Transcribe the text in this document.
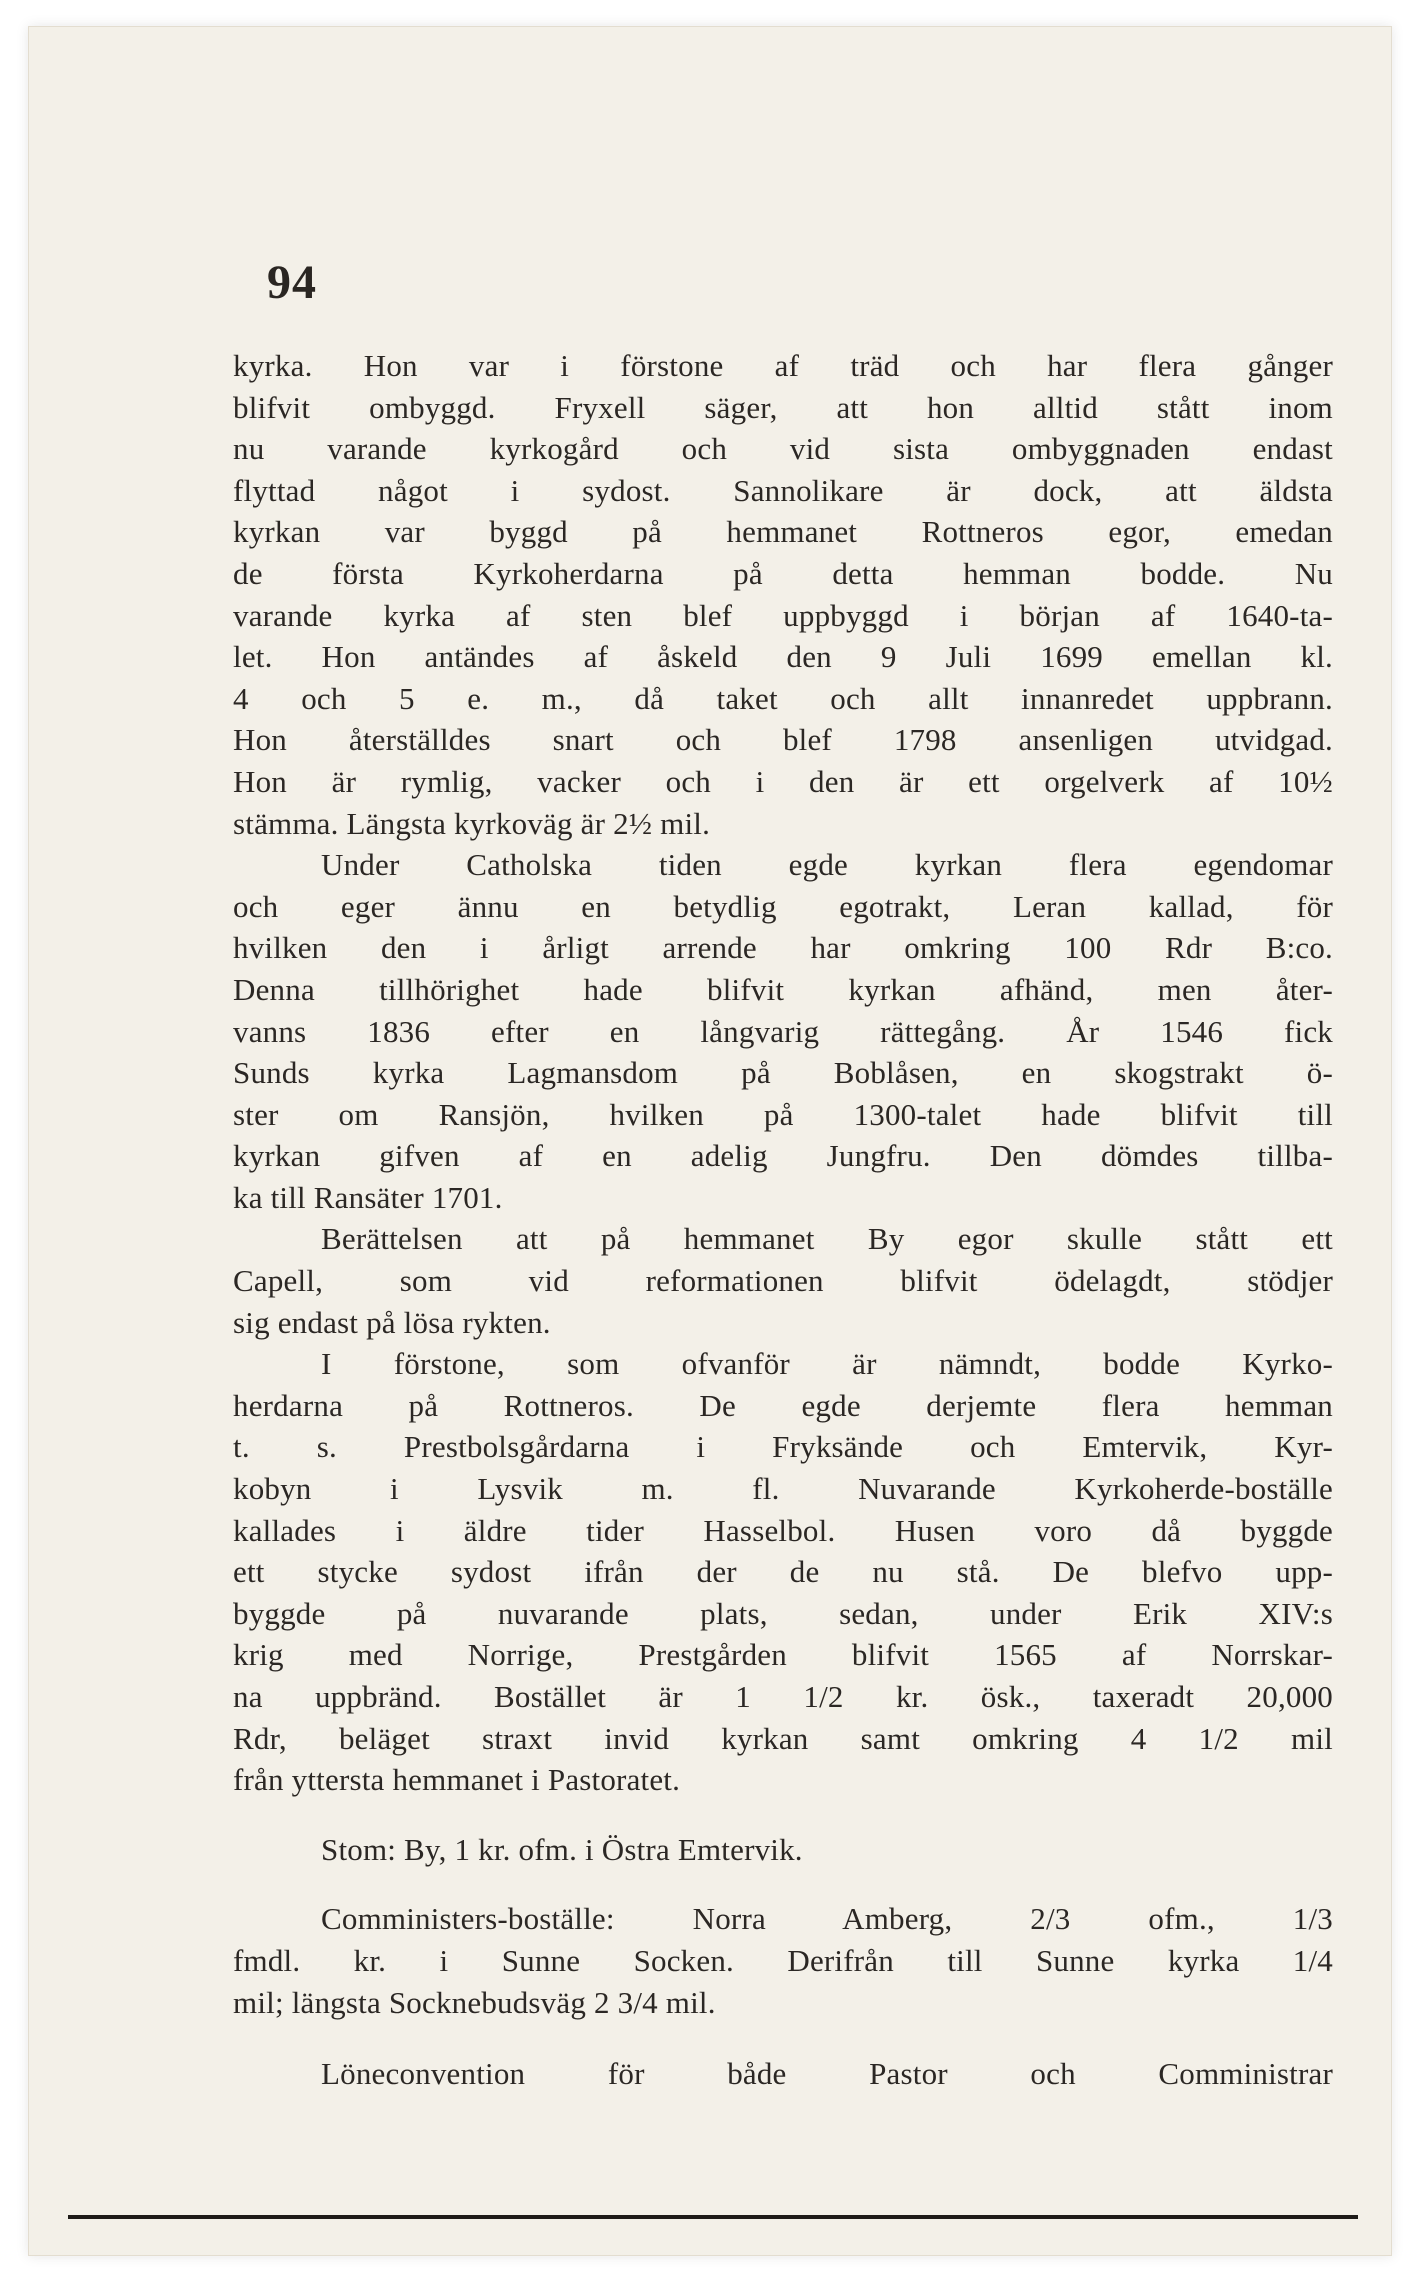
94
kyrka. Hon var i förstone af träd och har flera gånger
blifvit ombyggd. Fryxell säger, att hon alltid stått inom
nu varande kyrkogård och vid sista ombyggnaden endast
flyttad något i sydost. Sannolikare är dock, att äldsta
kyrkan var byggd på hemmanet Rottneros egor, emedan
de första Kyrkoherdarna på detta hemman bodde. Nu
varande kyrka af sten blef uppbyggd i början af 1640-ta-
let. Hon antändes af åskeld den 9 Juli 1699 emellan kl.
4 och 5 e. m., då taket och allt innanredet uppbrann.
Hon återställdes snart och blef 1798 ansenligen utvidgad.
Hon är rymlig, vacker och i den är ett orgelverk af 10½
stämma. Längsta kyrkoväg är 2½ mil.
Under Catholska tiden egde kyrkan flera egendomar
och eger ännu en betydlig egotrakt, Leran kallad, för
hvilken den i årligt arrende har omkring 100 Rdr B:co.
Denna tillhörighet hade blifvit kyrkan afhänd, men åter-
vanns 1836 efter en långvarig rättegång. År 1546 fick
Sunds kyrka Lagmansdom på Boblåsen, en skogstrakt ö-
ster om Ransjön, hvilken på 1300-talet hade blifvit till
kyrkan gifven af en adelig Jungfru. Den dömdes tillba-
ka till Ransäter 1701.
Berättelsen att på hemmanet By egor skulle stått ett
Capell, som vid reformationen blifvit ödelagdt, stödjer
sig endast på lösa rykten.
I förstone, som ofvanför är nämndt, bodde Kyrko-
herdarna på Rottneros. De egde derjemte flera hemman
t. s. Prestbolsgårdarna i Fryksände och Emtervik, Kyr-
kobyn i Lysvik m. fl. Nuvarande Kyrkoherde-boställe
kallades i äldre tider Hasselbol. Husen voro då byggde
ett stycke sydost ifrån der de nu stå. De blefvo upp-
byggde på nuvarande plats, sedan, under Erik XIV:s
krig med Norrige, Prestgården blifvit 1565 af Norrskar-
na uppbränd. Bostället är 1 1/2 kr. ösk., taxeradt 20,000
Rdr, beläget straxt invid kyrkan samt omkring 4 1/2 mil
från yttersta hemmanet i Pastoratet.
Stom: By, 1 kr. ofm. i Östra Emtervik.
Comministers-boställe: Norra Amberg, 2/3 ofm., 1/3
fmdl. kr. i Sunne Socken. Derifrån till Sunne kyrka 1/4
mil; längsta Socknebudsväg 2 3/4 mil.
Löneconvention för både Pastor och Comministrar
